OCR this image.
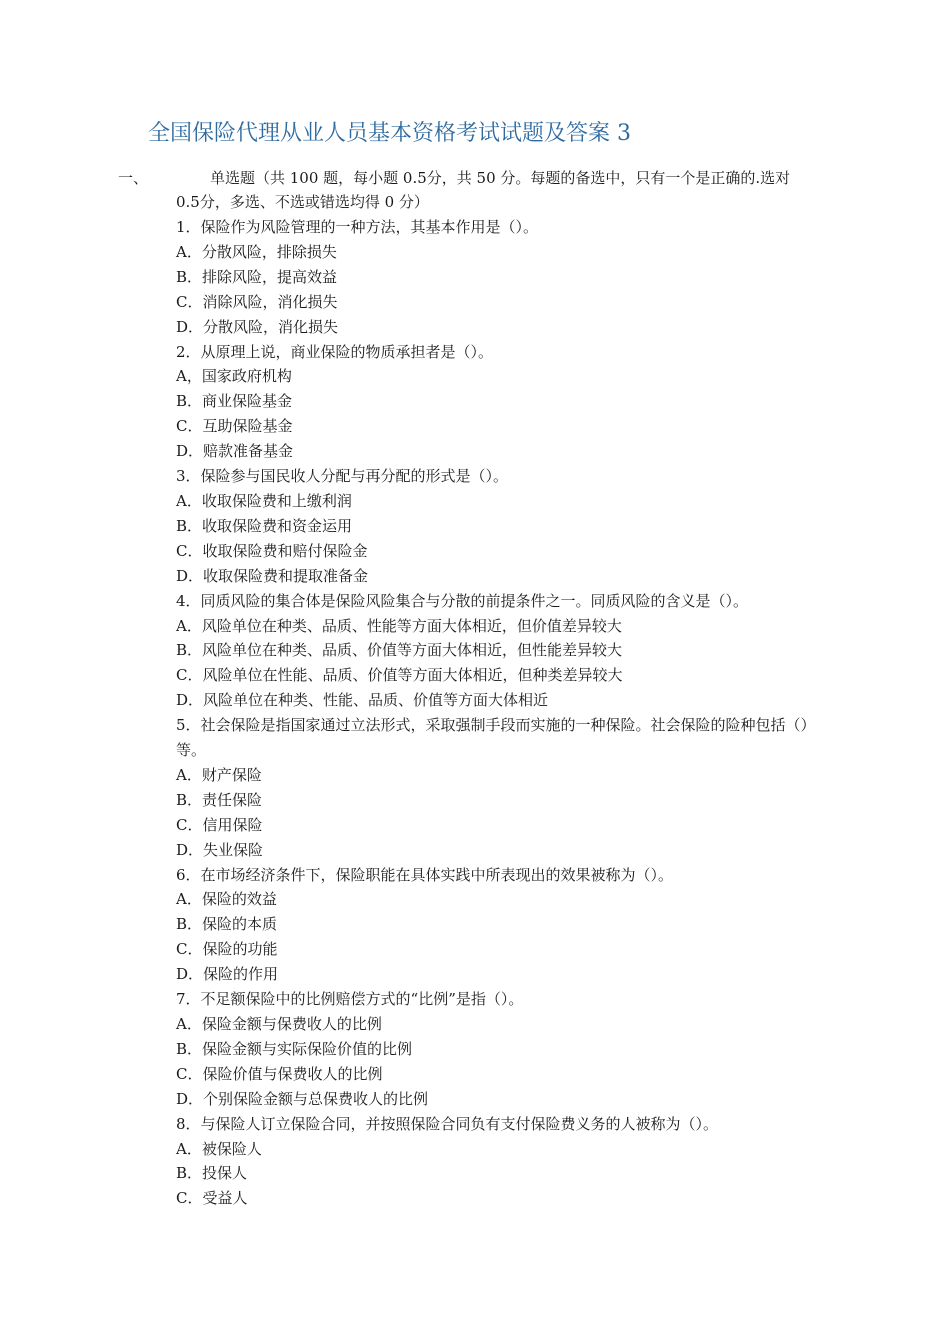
全国保险代理从业人员基本资格考试试题及答案 3
一、	单选题（共 100 题，每小题 0.5分，共 50 分。每题的备选中，只有一个是正确的.选对 0.5分，多选、不选或错选均得 0 分）

1．保险作为风险管理的一种方法，其基本作用是（）。

A．分散风险，排除损失

B．排除风险，提高效益

C．消除风险，消化损失

D．分散风险，消化损失

2．从原理上说，商业保险的物质承担者是（）。

A，国家政府机构

B．商业保险基金

C．互助保险基金

D．赔款准备基金

3．保险参与国民收人分配与再分配的形式是（）。

A．收取保险费和上缴利润

B．收取保险费和资金运用

C．收取保险费和赔付保险金

D．收取保险费和提取准备金

4．同质风险的集合体是保险风险集合与分散的前提条件之一。同质风险的含义是（）。

A．风险单位在种类、品质、性能等方面大体相近，但价值差异较大

B．风险单位在种类、品质、价值等方面大体相近，但性能差异较大

C．风险单位在性能、品质、价值等方面大体相近，但种类差异较大

D．风险单位在种类、性能、品质、价值等方面大体相近

5．社会保险是指国家通过立法形式，采取强制手段而实施的一种保险。社会保险的险种包括（）等。

A．财产保险

B．责任保险

C．信用保险

D．失业保险

6．在市场经济条件下，保险职能在具体实践中所表现出的效果被称为（）。

A．保险的效益

B．保险的本质

C．保险的功能

D．保险的作用

7．不足额保险中的比例赔偿方式的“比例”是指（）。

A．保险金额与保费收人的比例

B．保险金额与实际保险价值的比例

C．保险价值与保费收人的比例

D．个别保险金额与总保费收人的比例

8．与保险人订立保险合同，并按照保险合同负有支付保险费义务的人被称为（）。

A．被保险人

B．投保人

C．受益人
